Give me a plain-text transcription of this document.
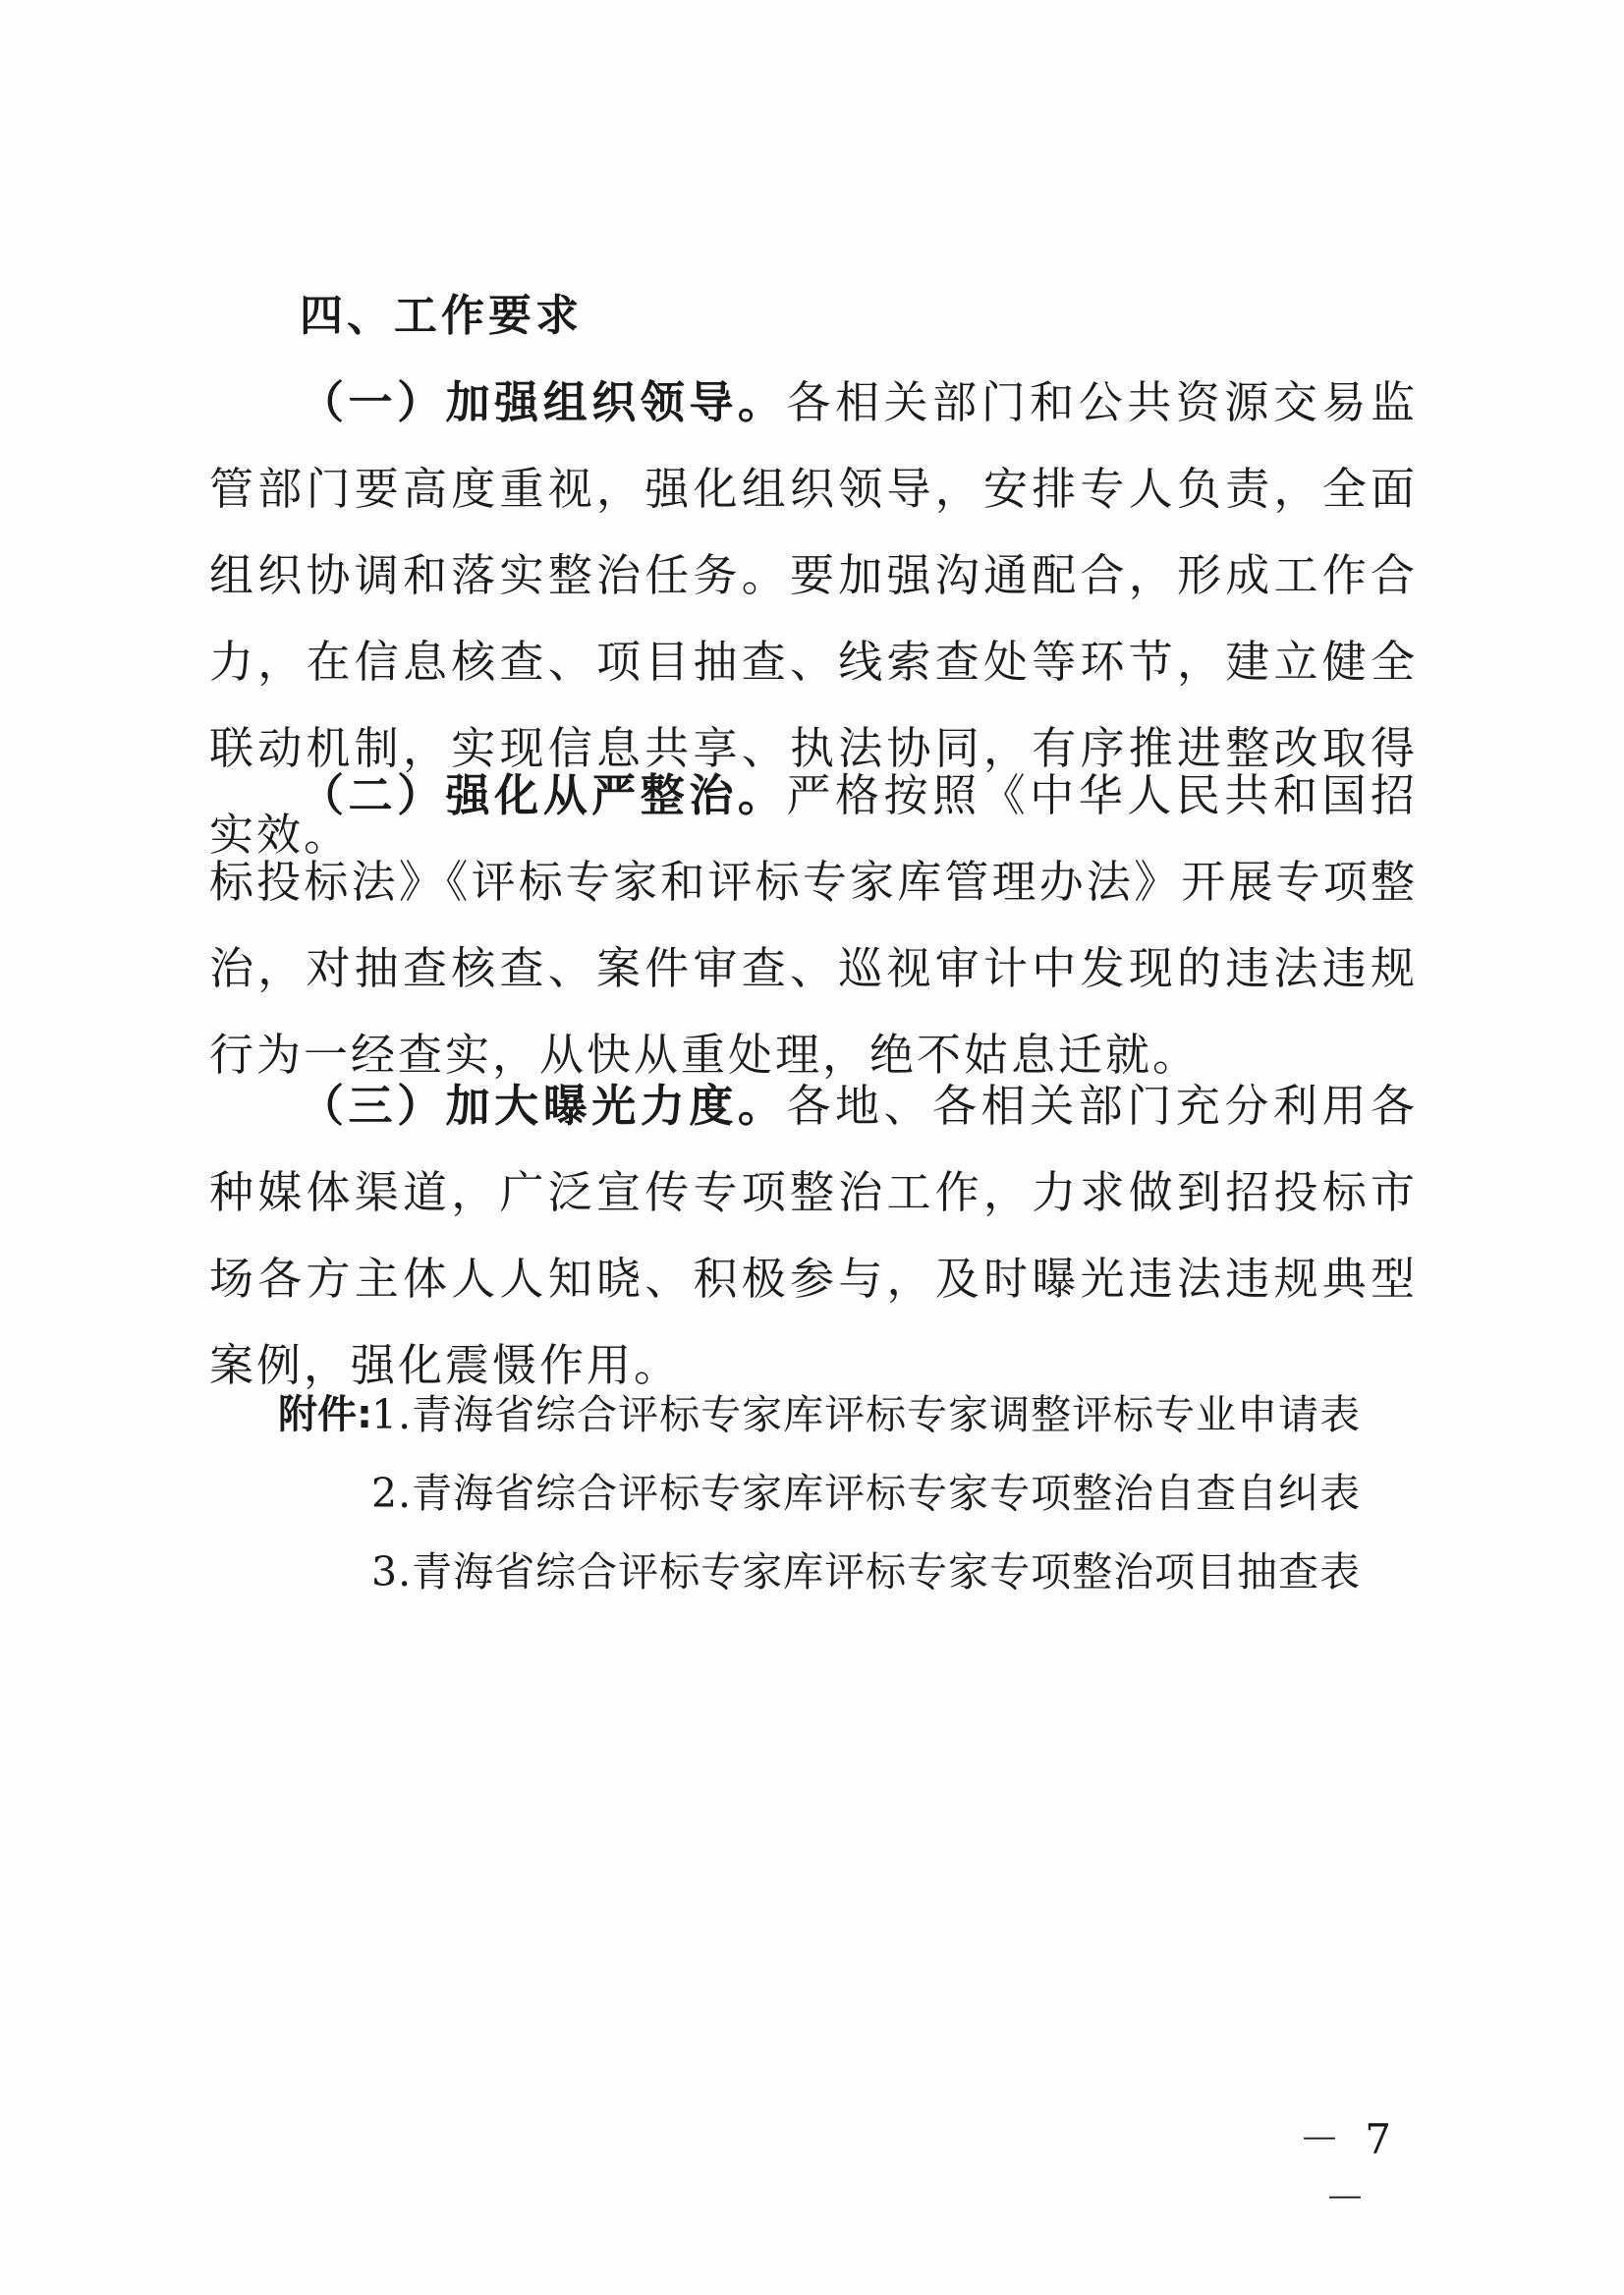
四、工作要求

（一）加强组织领导。各相关部门和公共资源交易监管部门要高度重视，强化组织领导，安排专人负责，全面组织协调和落实整治任务。要加强沟通配合，形成工作合力，在信息核查、项目抽查、线索查处等环节，建立健全联动机制，实现信息共享、执法协同，有序推进整改取得实效。

（二）强化从严整治。严格按照《中华人民共和国招标投标法》《评标专家和评标专家库管理办法》开展专项整治，对抽查核查、案件审查、巡视审计中发现的违法违规行为一经查实，从快从重处理，绝不姑息迁就。

（三）加大曝光力度。各地、各相关部门充分利用各种媒体渠道，广泛宣传专项整治工作，力求做到招投标市场各方主体人人知晓、积极参与，及时曝光违法违规典型案例，强化震慑作用。

附件: 1.青海省综合评标专家库评标专家调整评标专业申请表

2.青海省综合评标专家库评标专家专项整治自查自纠表

3.青海省综合评标专家库评标专家专项整治项目抽查表

－ 7 －
